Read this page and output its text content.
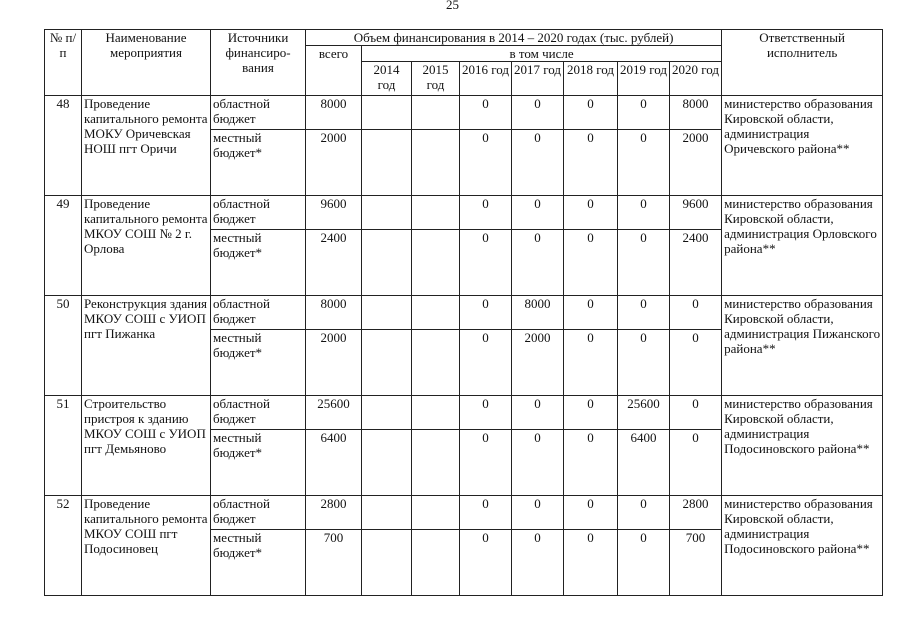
25
№ п/п	Наименование мероприятия	Источники финансиро-вания	Объем финансирования в 2014 – 2020 годах (тыс. рублей)								Ответственный исполнитель
			всего	в том числе							
				2014 год	2015 год	2016 год	2017 год	2018 год	2019 год	2020 год	
48	Проведение капитального ремонта МОКУ Оричевская НОШ пгт Оричи	областной бюджет	8000			0	0	0	0	8000	министерство образования Кировской области, администрация Оричевского района**
		местный бюджет*	2000			0	0	0	0	2000	
49	Проведение капитального ремонта МКОУ СОШ № 2 г. Орлова	областной бюджет	9600			0	0	0	0	9600	министерство образования Кировской области, администрация Орловского района**
		местный бюджет*	2400			0	0	0	0	2400	
50	Реконструкция здания МКОУ СОШ с УИОП пгт Пижанка	областной бюджет	8000			0	8000	0	0	0	министерство образования Кировской области, администрация Пижанского района**
		местный бюджет*	2000			0	2000	0	0	0	
51	Строительство пристроя к зданию МКОУ СОШ с УИОП пгт Демьяново	областной бюджет	25600			0	0	0	25600	0	министерство образования Кировской области, администрация Подосиновского района**
		местный бюджет*	6400			0	0	0	6400	0	
52	Проведение капитального ремонта МКОУ СОШ пгт Подосиновец	областной бюджет	2800			0	0	0	0	2800	министерство образования Кировской области, администрация Подосиновского района**
		местный бюджет*	700			0	0	0	0	700	
